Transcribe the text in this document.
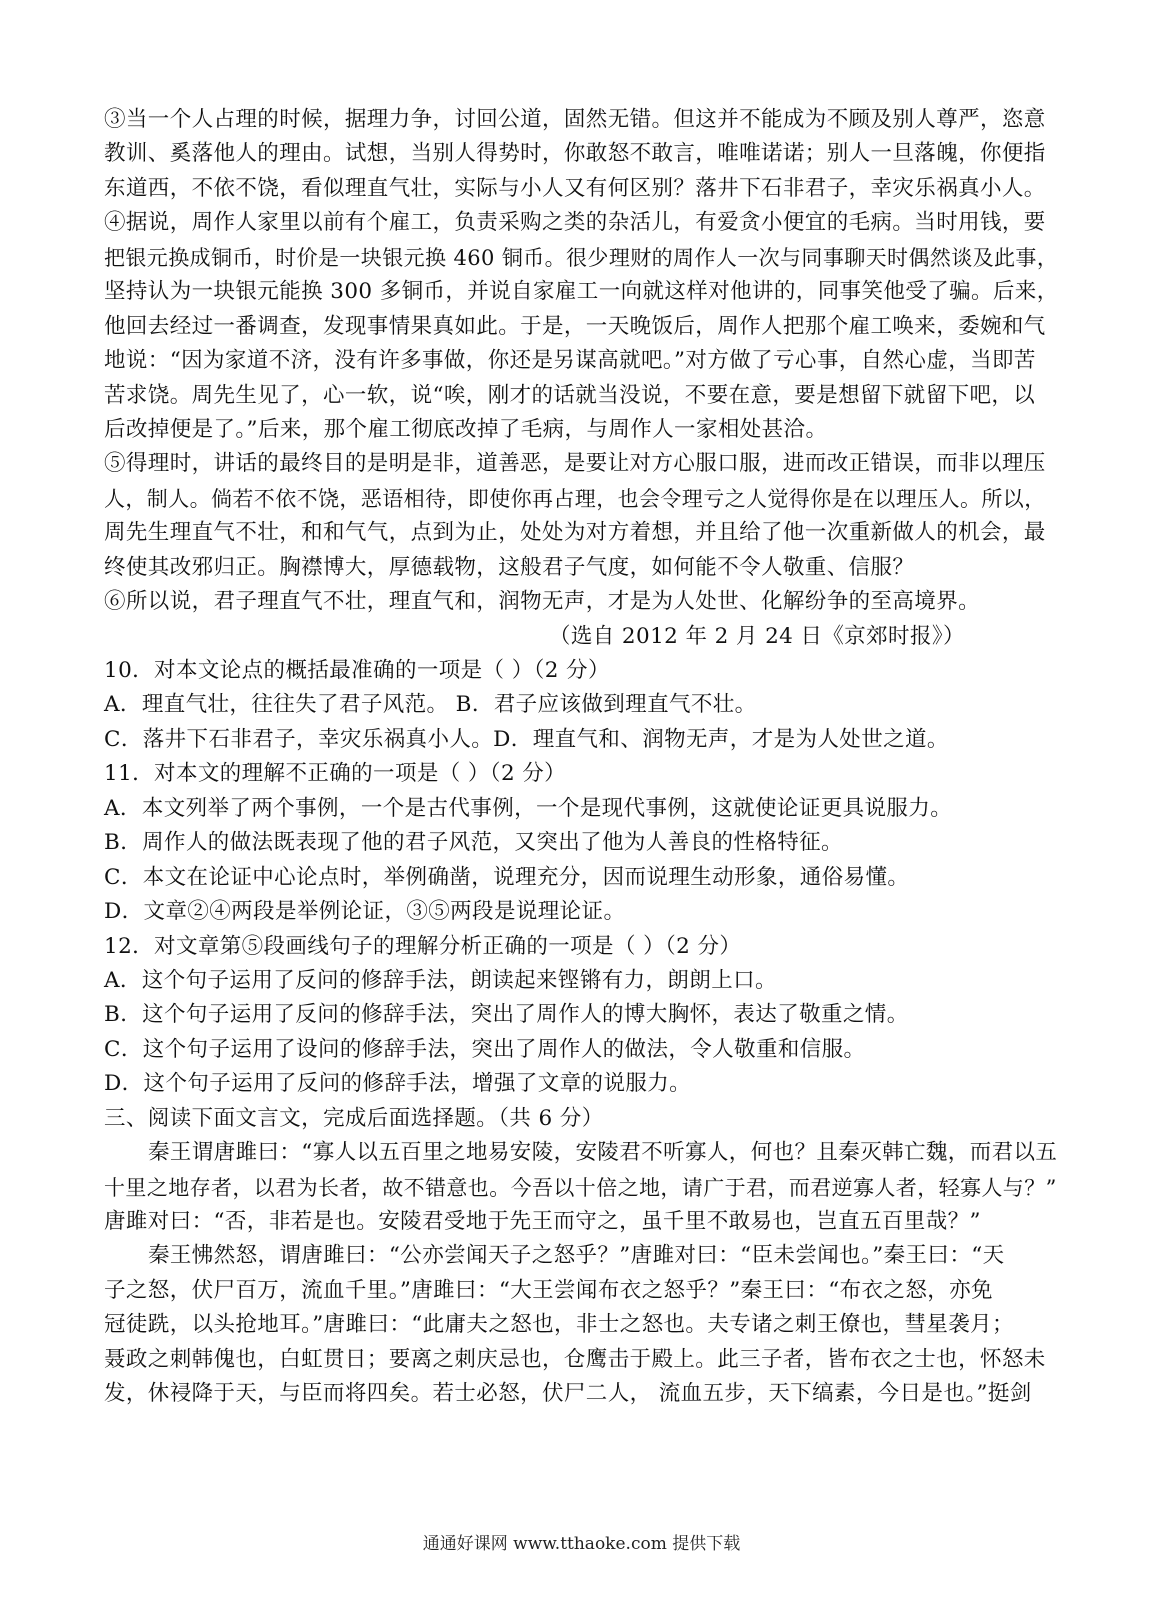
③当一个人占理的时候，据理力争，讨回公道，固然无错。但这并不能成为不顾及别人尊严，恣意
教训、奚落他人的理由。试想，当别人得势时，你敢怒不敢言，唯唯诺诺；别人一旦落魄，你便指
东道西，不依不饶，看似理直气壮，实际与小人又有何区别？落井下石非君子，幸灾乐祸真小人。
④据说，周作人家里以前有个雇工，负责采购之类的杂活儿，有爱贪小便宜的毛病。当时用钱，要
把银元换成铜币，时价是一块银元换 460 铜币。很少理财的周作人一次与同事聊天时偶然谈及此事，
坚持认为一块银元能换 300 多铜币，并说自家雇工一向就这样对他讲的，同事笑他受了骗。后来，
他回去经过一番调查，发现事情果真如此。于是，一天晚饭后，周作人把那个雇工唤来，委婉和气
地说：“因为家道不济，没有许多事做，你还是另谋高就吧。”对方做了亏心事，自然心虚，当即苦
苦求饶。周先生见了，心一软，说“唉，刚才的话就当没说，不要在意，要是想留下就留下吧，以
后改掉便是了。”后来，那个雇工彻底改掉了毛病，与周作人一家相处甚洽。
⑤得理时，讲话的最终目的是明是非，道善恶，是要让对方心服口服，进而改正错误，而非以理压
人，制人。倘若不依不饶，恶语相待，即使你再占理，也会令理亏之人觉得你是在以理压人。所以，
周先生理直气不壮，和和气气，点到为止，处处为对方着想，并且给了他一次重新做人的机会，最
终使其改邪归正。胸襟博大，厚德载物，这般君子气度，如何能不令人敬重、信服？
⑥所以说，君子理直气不壮，理直气和，润物无声，才是为人处世、化解纷争的至高境界。
（选自 2012 年 2 月 24 日《京郊时报》）
10．对本文论点的概括最准确的一项是（ ）（2 分）
A．理直气壮，往往失了君子风范。 B．君子应该做到理直气不壮。
C．落井下石非君子，幸灾乐祸真小人。D．理直气和、润物无声，才是为人处世之道。
11．对本文的理解不正确的一项是（ ）（2 分）
A．本文列举了两个事例，一个是古代事例，一个是现代事例，这就使论证更具说服力。
B．周作人的做法既表现了他的君子风范，又突出了他为人善良的性格特征。
C．本文在论证中心论点时，举例确凿，说理充分，因而说理生动形象，通俗易懂。
D．文章②④两段是举例论证，③⑤两段是说理论证。
12．对文章第⑤段画线句子的理解分析正确的一项是（ ）（2 分）
A．这个句子运用了反问的修辞手法，朗读起来铿锵有力，朗朗上口。
B．这个句子运用了反问的修辞手法，突出了周作人的博大胸怀，表达了敬重之情。
C．这个句子运用了设问的修辞手法，突出了周作人的做法，令人敬重和信服。
D．这个句子运用了反问的修辞手法，增强了文章的说服力。
三、阅读下面文言文，完成后面选择题。（共 6 分）
秦王谓唐雎曰：“寡人以五百里之地易安陵，安陵君不听寡人，何也？且秦灭韩亡魏，而君以五
十里之地存者，以君为长者，故不错意也。今吾以十倍之地，请广于君，而君逆寡人者，轻寡人与？”
唐雎对曰：“否，非若是也。安陵君受地于先王而守之，虽千里不敢易也，岂直五百里哉？”
秦王怫然怒，谓唐雎曰：“公亦尝闻天子之怒乎？”唐雎对曰：“臣未尝闻也。”秦王曰：“天
子之怒，伏尸百万，流血千里。”唐雎曰：“大王尝闻布衣之怒乎？”秦王曰：“布衣之怒，亦免
冠徒跣，以头抢地耳。”唐雎曰：“此庸夫之怒也，非士之怒也。夫专诸之刺王僚也，彗星袭月；
聂政之刺韩傀也，白虹贯日；要离之刺庆忌也，仓鹰击于殿上。此三子者，皆布衣之士也，怀怒未
发，休祲降于天，与臣而将四矣。若士必怒，伏尸二人， 流血五步，天下缟素，今日是也。”挺剑
通通好课网 www.tthaoke.com 提供下载
